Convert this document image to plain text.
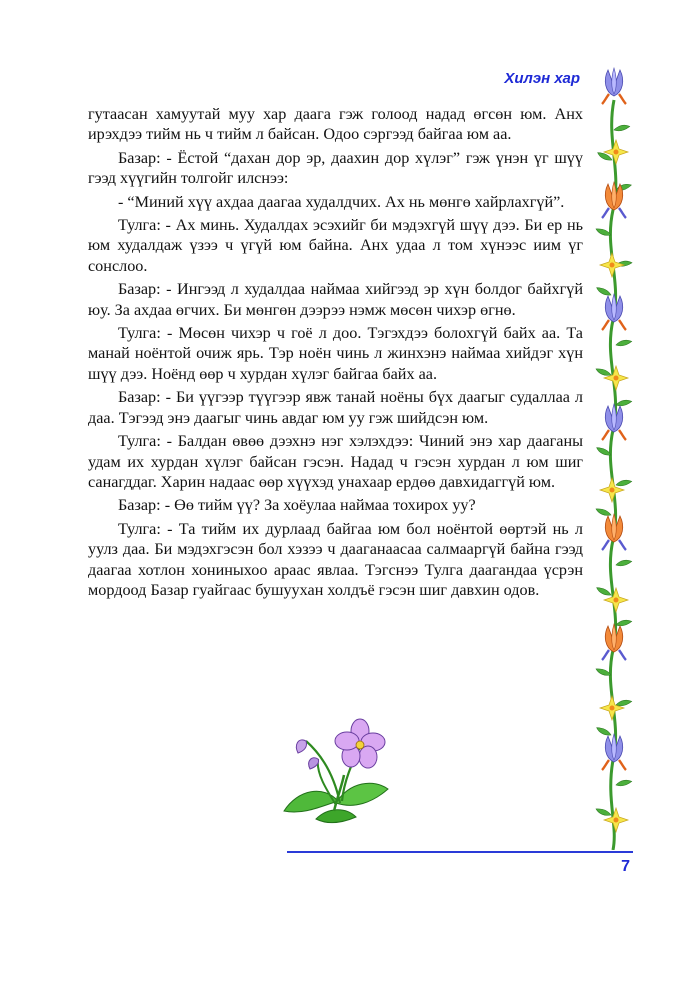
Хилэн хар

гутаасан хамуутай муу хар даага гэж голоод надад өгсөн юм. Анх ирэхдээ тийм нь ч тийм л байсан. Одоо сэргээд байгаа юм аа.

Базар: - Ёстой “дахан дор эр, даахин дор хүлэг” гэж үнэн үг шүү гээд хүүгийн толгойг илснээ:

- “Миний хүү ахдаа даагаа худалдчих. Ах нь мөнгө хайрлахгүй”.

Тулга: - Ах минь. Худалдах эсэхийг би мэдэхгүй шүү дээ. Би ер нь юм худалдаж үзээ ч үгүй юм байна. Анх удаа л том хүнээс иим үг сонслоо.

Базар: - Ингээд л худалдаа наймаа хийгээд эр хүн болдог байхгүй юу. За ахдаа өгчих. Би мөнгөн дээрээ нэмж мөсөн чихэр өгнө.

Тулга: - Мөсөн чихэр ч гоё л доо. Тэгэхдээ болохгүй байх аа. Та манай ноёнтой очиж ярь. Тэр ноён чинь л жинхэнэ наймаа хийдэг хүн шүү дээ. Ноёнд өөр ч хурдан хүлэг байгаа байх аа.

Базар: - Би үүгээр түүгээр явж танай ноёны бүх даагыг судаллаа л даа. Тэгээд энэ даагыг чинь авдаг юм уу гэж шийдсэн юм.

Тулга: - Балдан өвөө дээхнэ нэг хэлэхдээ: Чиний энэ хар дааганы удам их хурдан хүлэг байсан гэсэн. Надад ч гэсэн хурдан л юм шиг санагддаг. Харин надаас өөр хүүхэд унахаар ердөө давхидаггүй юм.

Базар: - Өө тийм үү? За хоёулаа наймаа тохирох уу?

Тулга: - Та тийм их дурлаад байгаа юм бол ноёнтой өөртэй нь л уулз даа. Би мэдэхгэсэн бол хэзээ ч дааганаасаа салмааргүй байна гээд даагаа хотлон хониныхоо араас явлаа. Тэгснээ Тулга даагандаа үсрэн мордоод Базар гуайгаас бушуухан холдъё гэсэн шиг давхин одов.

7
